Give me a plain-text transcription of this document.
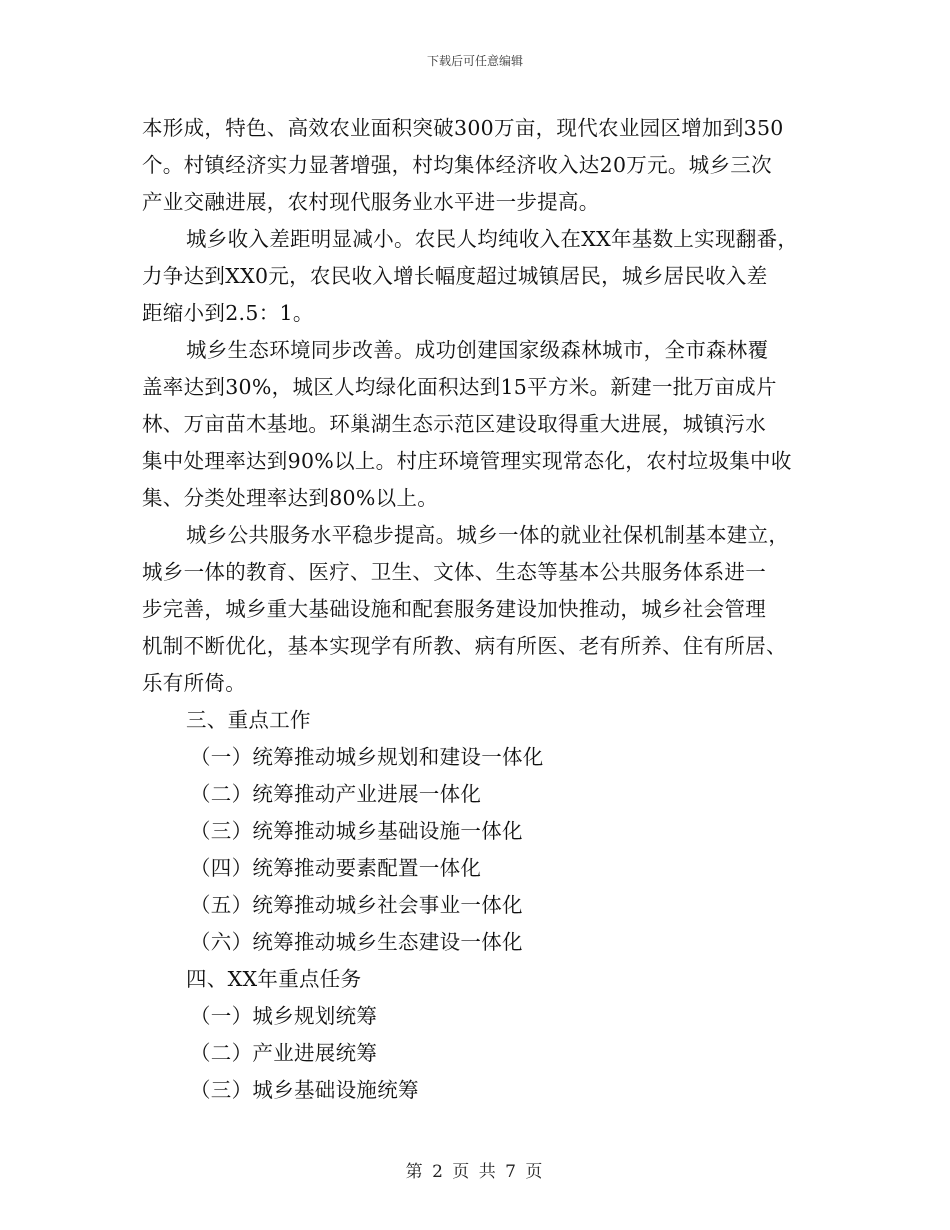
下载后可任意编辑
本形成，特色、高效农业面积突破300万亩，现代农业园区增加到350
个。村镇经济实力显著增强，村均集体经济收入达20万元。城乡三次
产业交融进展，农村现代服务业水平进一步提高。
城乡收入差距明显减小。农民人均纯收入在XX年基数上实现翻番，
力争达到XX0元，农民收入增长幅度超过城镇居民，城乡居民收入差
距缩小到2.5：1。
城乡生态环境同步改善。成功创建国家级森林城市，全市森林覆
盖率达到30%，城区人均绿化面积达到15平方米。新建一批万亩成片
林、万亩苗木基地。环巢湖生态示范区建设取得重大进展，城镇污水
集中处理率达到90%以上。村庄环境管理实现常态化，农村垃圾集中收
集、分类处理率达到80%以上。
城乡公共服务水平稳步提高。城乡一体的就业社保机制基本建立，
城乡一体的教育、医疗、卫生、文体、生态等基本公共服务体系进一
步完善，城乡重大基础设施和配套服务建设加快推动，城乡社会管理
机制不断优化，基本实现学有所教、病有所医、老有所养、住有所居、
乐有所倚。
三、重点工作
（一）统筹推动城乡规划和建设一体化
（二）统筹推动产业进展一体化
（三）统筹推动城乡基础设施一体化
（四）统筹推动要素配置一体化
（五）统筹推动城乡社会事业一体化
（六）统筹推动城乡生态建设一体化
四、XX年重点任务
（一）城乡规划统筹
（二）产业进展统筹
（三）城乡基础设施统筹
第 2 页 共 7 页
